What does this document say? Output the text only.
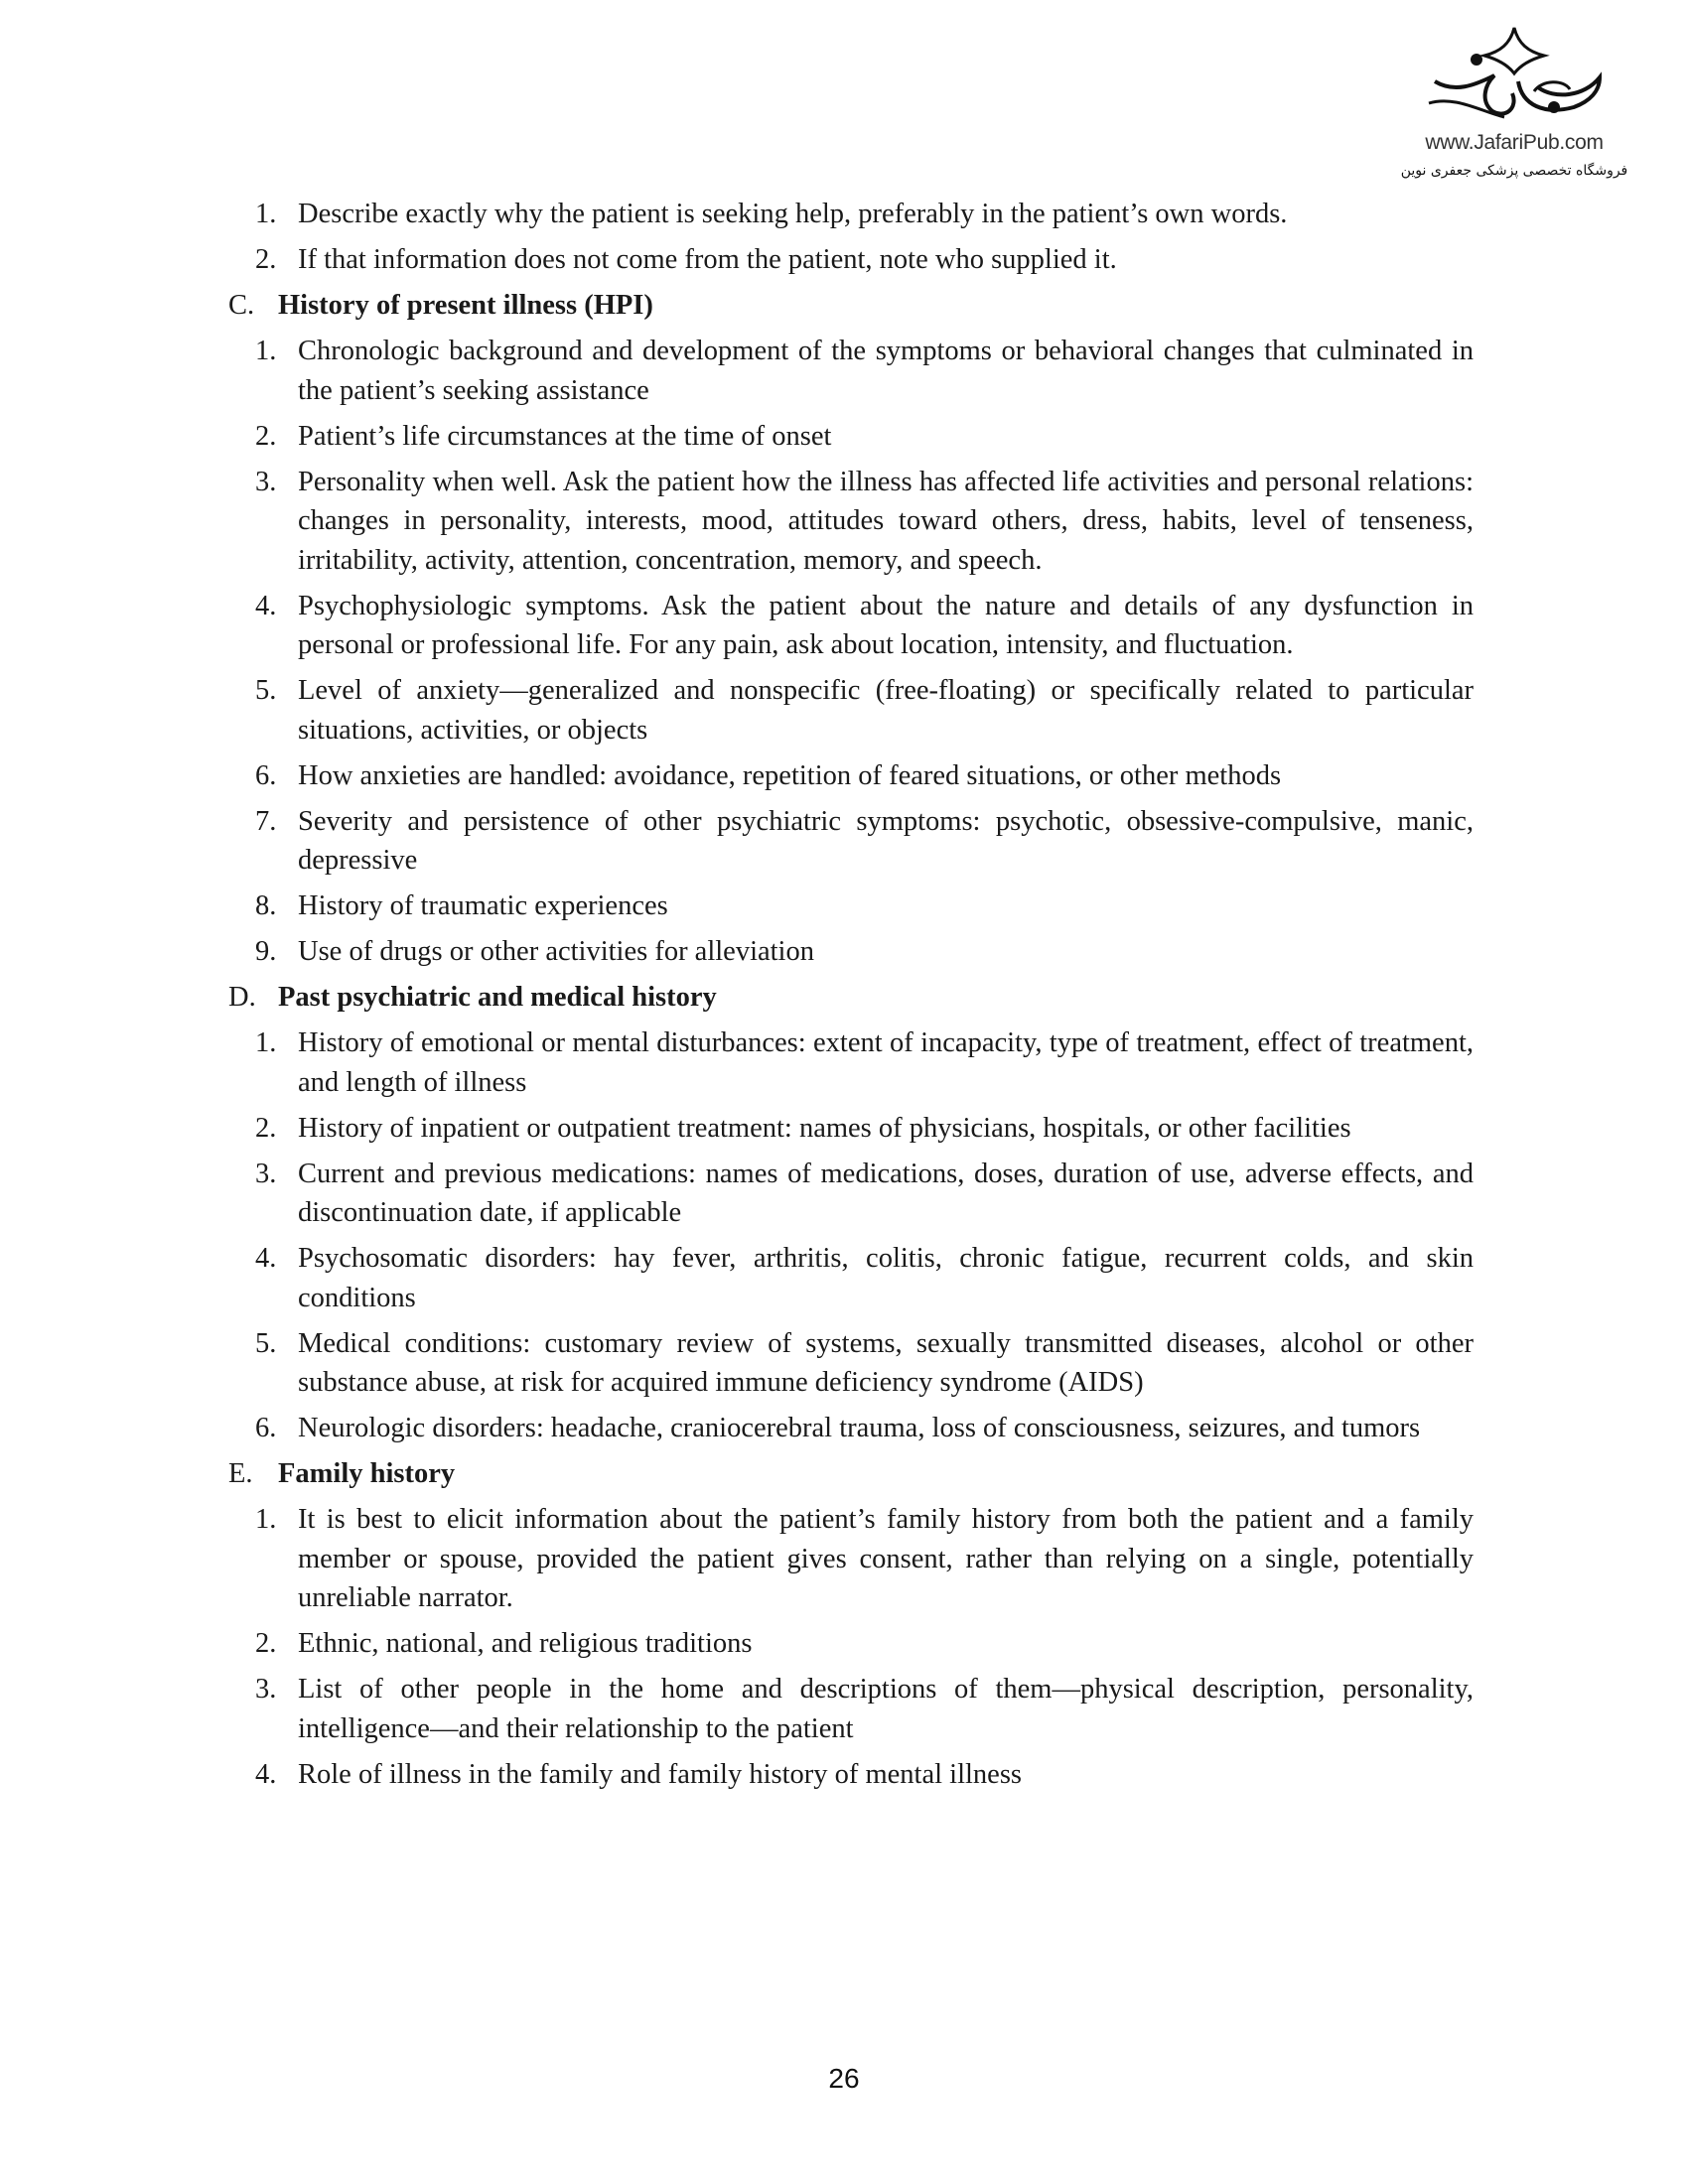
www.JafariPub.com
فروشگاه تخصصی پزشکی جعفری نوین
1. Describe exactly why the patient is seeking help, preferably in the patient’s own words.
2. If that information does not come from the patient, note who supplied it.
C. History of present illness (HPI)
1. Chronologic background and development of the symptoms or behavioral changes that culminated in the patient’s seeking assistance
2. Patient’s life circumstances at the time of onset
3. Personality when well. Ask the patient how the illness has affected life activities and personal relations: changes in personality, interests, mood, attitudes toward others, dress, habits, level of tenseness, irritability, activity, attention, concentration, memory, and speech.
4. Psychophysiologic symptoms. Ask the patient about the nature and details of any dysfunction in personal or professional life. For any pain, ask about location, intensity, and fluctuation.
5. Level of anxiety—generalized and nonspecific (free-floating) or specifically related to particular situations, activities, or objects
6. How anxieties are handled: avoidance, repetition of feared situations, or other methods
7. Severity and persistence of other psychiatric symptoms: psychotic, obsessive-compulsive, manic, depressive
8. History of traumatic experiences
9. Use of drugs or other activities for alleviation
D. Past psychiatric and medical history
1. History of emotional or mental disturbances: extent of incapacity, type of treatment, effect of treatment, and length of illness
2. History of inpatient or outpatient treatment: names of physicians, hospitals, or other facilities
3. Current and previous medications: names of medications, doses, duration of use, adverse effects, and discontinuation date, if applicable
4. Psychosomatic disorders: hay fever, arthritis, colitis, chronic fatigue, recurrent colds, and skin conditions
5. Medical conditions: customary review of systems, sexually transmitted diseases, alcohol or other substance abuse, at risk for acquired immune deficiency syndrome (AIDS)
6. Neurologic disorders: headache, craniocerebral trauma, loss of consciousness, seizures, and tumors
E. Family history
1. It is best to elicit information about the patient’s family history from both the patient and a family member or spouse, provided the patient gives consent, rather than relying on a single, potentially unreliable narrator.
2. Ethnic, national, and religious traditions
3. List of other people in the home and descriptions of them—physical description, personality, intelligence—and their relationship to the patient
4. Role of illness in the family and family history of mental illness
26
